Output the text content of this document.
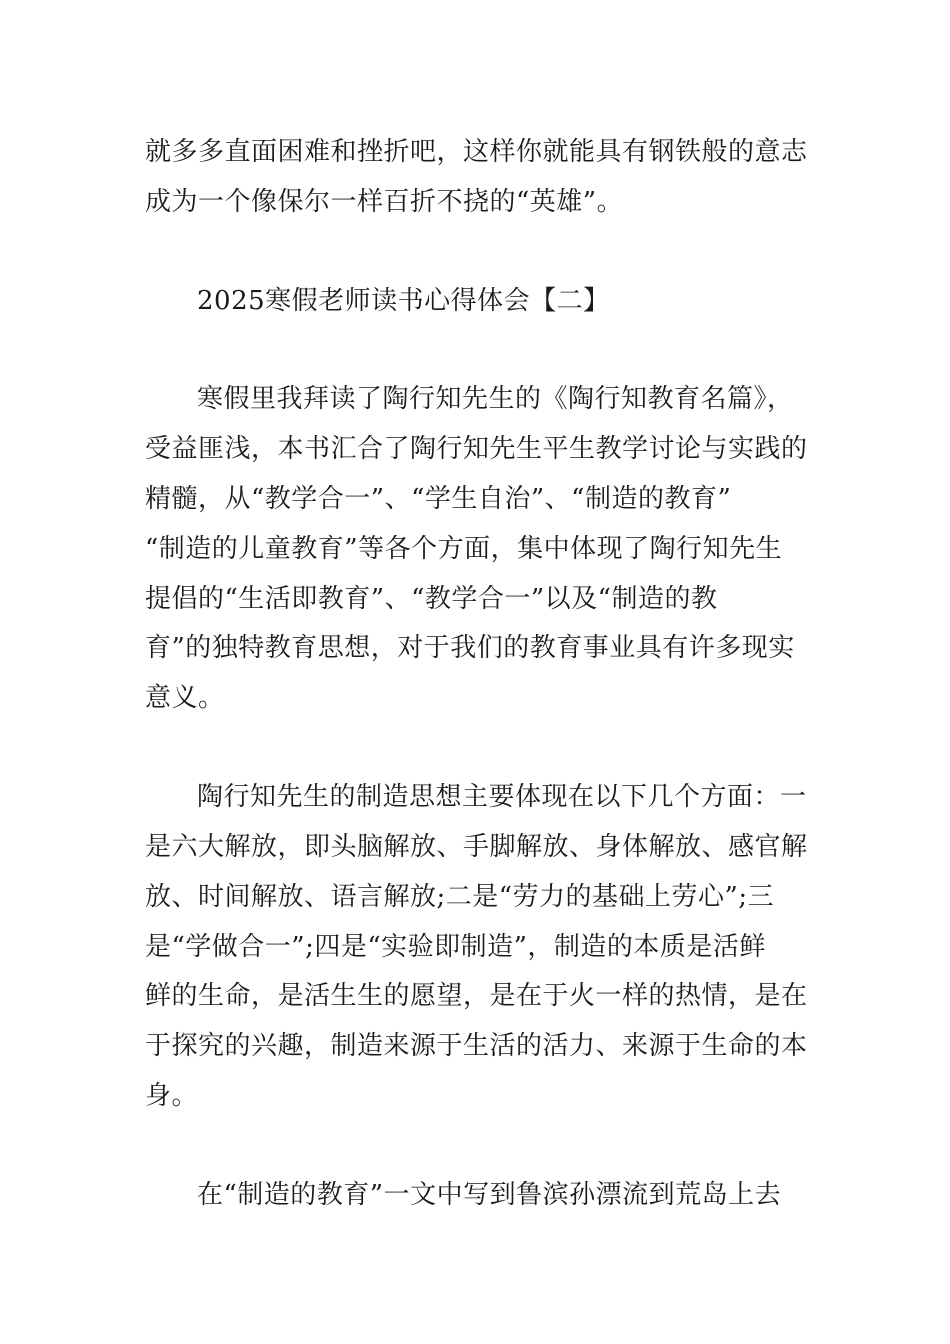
就多多直面困难和挫折吧，这样你就能具有钢铁般的意志
成为一个像保尔一样百折不挠的“英雄”。
2025寒假老师读书心得体会【二】
寒假里我拜读了陶行知先生的《陶行知教育名篇》，
受益匪浅，本书汇合了陶行知先生平生教学讨论与实践的
精髓，从“教学合一”、“学生自治”、“制造的教育”
“制造的儿童教育”等各个方面，集中体现了陶行知先生
提倡的“生活即教育”、“教学合一”以及“制造的教
育”的独特教育思想，对于我们的教育事业具有许多现实
意义。
陶行知先生的制造思想主要体现在以下几个方面：一
是六大解放，即头脑解放、手脚解放、身体解放、感官解
放、时间解放、语言解放;二是“劳力的基础上劳心”;三
是“学做合一”;四是“实验即制造”，制造的本质是活鲜
鲜的生命，是活生生的愿望，是在于火一样的热情，是在
于探究的兴趣，制造来源于生活的活力、来源于生命的本
身。
在“制造的教育”一文中写到鲁滨孙漂流到荒岛上去
